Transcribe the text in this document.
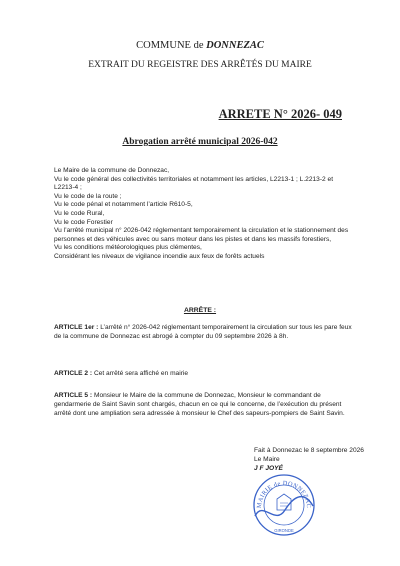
COMMUNE de DONNEZAC
EXTRAIT DU REGEISTRE DES ARRÊTÉS DU MAIRE
ARRETE N° 2026- 049
Abrogation arrêté municipal 2026-042
Le Maire de la commune de Donnezac,
Vu le code général des collectivités territoriales et notamment les articles, L2213-1 ; L.2213-2 et L2213-4 ;
Vu le code de la route ;
Vu le code pénal et notamment l’article R610-5,
Vu le code Rural,
Vu le code Forestier
Vu l’arrêté municipal n° 2026-042 réglementant temporairement la circulation et le stationnement des personnes et des véhicules avec ou sans moteur dans les pistes et dans les massifs forestiers,
Vu les conditions météorologiques plus clémentes,
Considérant les niveaux de vigilance incendie aux feux de forêts actuels
ARRÊTE :
ARTICLE 1er : L’arrêté n° 2026-042 réglementant temporairement la circulation sur tous les pare feux de la commune de Donnezac est abrogé à compter du 09 septembre 2026 à 8h.
ARTICLE 2 : Cet arrêté sera affiché en mairie
ARTICLE 5 : Monsieur le Maire de la commune de Donnezac, Monsieur le commandant de gendarmerie de Saint Savin sont chargés, chacun en ce qui le concerne, de l’exécution du présent arrêté dont une ampliation sera adressée à monsieur le Chef des sapeurs-pompiers de Saint Savin.
Fait à Donnezac le 8 septembre 2026
Le Maire
J F JOYÉ
MAIRIE de DONNEZAC
GIRONDE
